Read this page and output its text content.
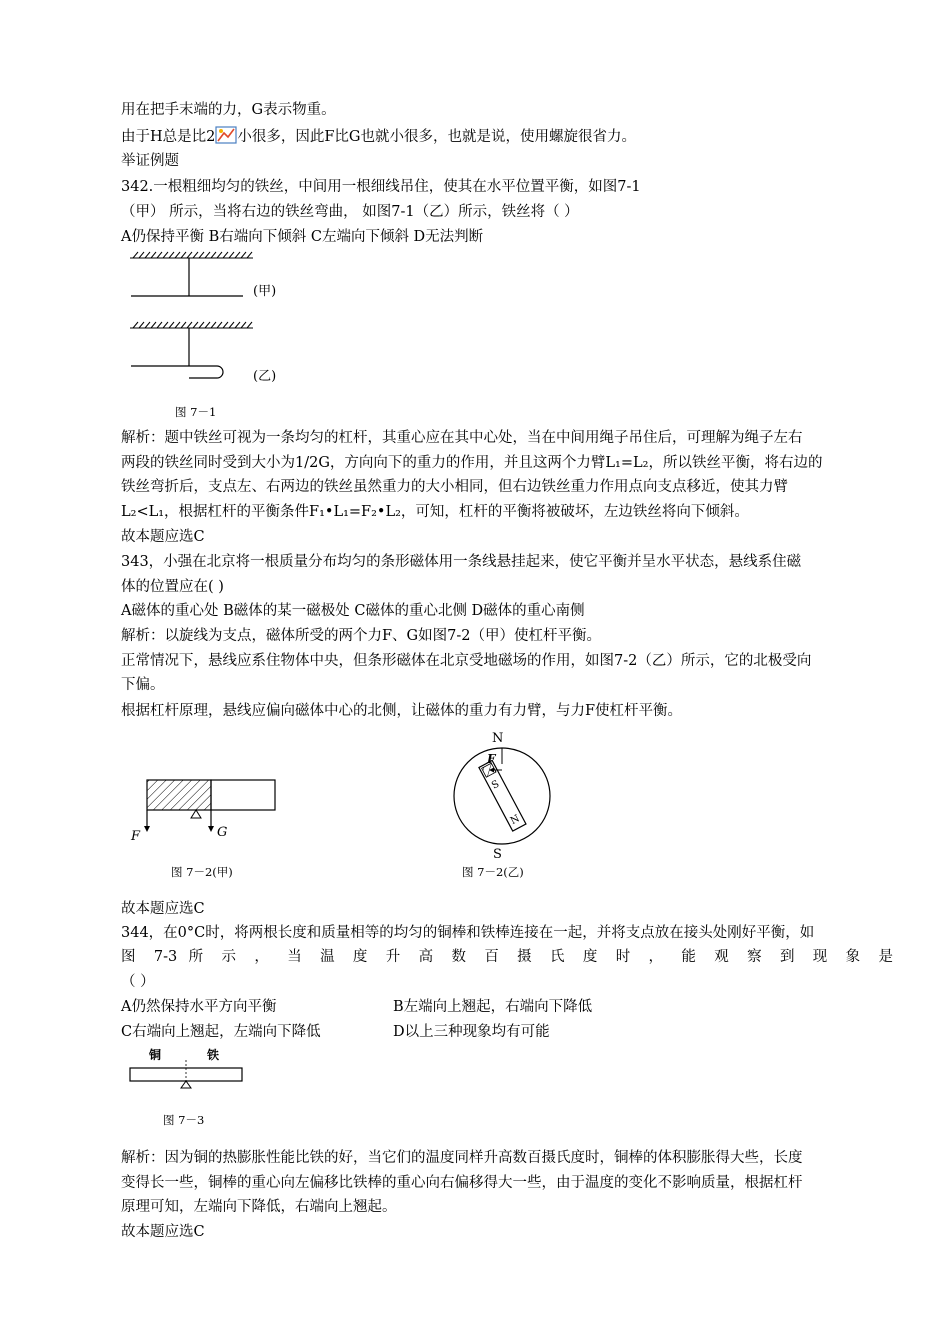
用在把手末端的力，G表示物重。
由于H总是比2 小很多，因此F比G也就小很多，也就是说，使用螺旋很省力。
举证例题
342.一根粗细均匀的铁丝，中间用一根细线吊住，使其在水平位置平衡，如图7-1
（甲） 所示，当将右边的铁丝弯曲， 如图7-1（乙）所示，铁丝将（ ）
A仍保持平衡 B右端向下倾斜 C左端向下倾斜 D无法判断
(甲)
(乙)
图 7－1
解析：题中铁丝可视为一条均匀的杠杆，其重心应在其中心处，当在中间用绳子吊住后，可理解为绳子左右
两段的铁丝同时受到大小为1/2G，方向向下的重力的作用，并且这两个力臂L₁=L₂，所以铁丝平衡，将右边的
铁丝弯折后，支点左、右两边的铁丝虽然重力的大小相同，但右边铁丝重力作用点向支点移近，使其力臂
L₂<L₁，根据杠杆的平衡条件F₁•L₁=F₂•L₂，可知，杠杆的平衡将被破坏，左边铁丝将向下倾斜。
故本题应选C
343，小强在北京将一根质量分布均匀的条形磁体用一条线悬挂起来，使它平衡并呈水平状态，悬线系住磁
体的位置应在( )
A磁体的重心处 B磁体的某一磁极处 C磁体的重心北侧 D磁体的重心南侧
解析：以旋线为支点，磁体所受的两个力F、G如图7-2（甲）使杠杆平衡。
正常情况下，悬线应系住物体中央，但条形磁体在北京受地磁场的作用，如图7-2（乙）所示，它的北极受向
下偏。
根据杠杆原理，悬线应偏向磁体中心的北侧，让磁体的重力有力臂，与力F使杠杆平衡。
F	G
图 7－2(甲)
N
S
S
N
F
图 7－2(乙)
故本题应选C
344，在0°C时，将两根长度和质量相等的均匀的铜棒和铁棒连接在一起，并将支点放在接头处刚好平衡，如
图 7-3 所 示 ， 当 温 度 升 高 数 百 摄 氏 度 时 ， 能 观 察 到 现 象 是
（ ）
A仍然保持水平方向平衡	B左端向上翘起，右端向下降低
C右端向上翘起，左端向下降低	D以上三种现象均有可能
铜	铁
图 7－3
解析：因为铜的热膨胀性能比铁的好，当它们的温度同样升高数百摄氏度时，铜棒的体积膨胀得大些，长度
变得长一些，铜棒的重心向左偏移比铁棒的重心向右偏移得大一些，由于温度的变化不影响质量，根据杠杆
原理可知，左端向下降低，右端向上翘起。
故本题应选C
